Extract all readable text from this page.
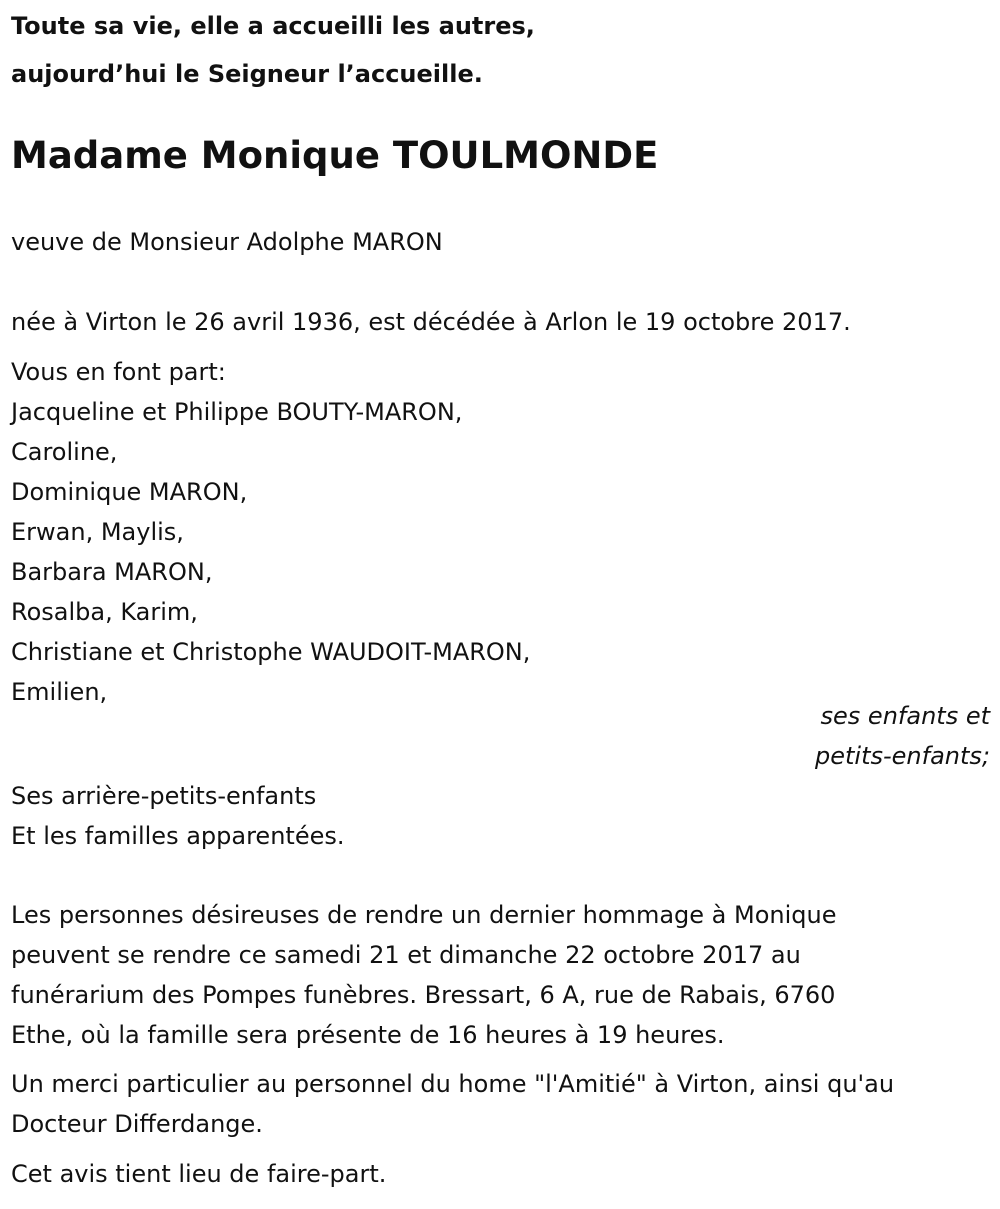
Toute sa vie, elle a accueilli les autres,
aujourd’hui le Seigneur l’accueille.
Madame Monique TOULMONDE
veuve de Monsieur Adolphe MARON
née à Virton le 26 avril 1936, est décédée à Arlon le 19 octobre 2017.
Vous en font part:
Jacqueline et Philippe BOUTY-MARON,
Caroline,
Dominique MARON,
Erwan, Maylis,
Barbara MARON,
Rosalba, Karim,
Christiane et Christophe WAUDOIT-MARON,
Emilien,
ses enfants et
petits-enfants;
Ses arrière-petits-enfants
Et les familles apparentées.
Les personnes désireuses de rendre un dernier hommage à Monique
peuvent se rendre ce samedi 21 et dimanche 22 octobre 2017 au
funérarium des Pompes funèbres. Bressart, 6 A, rue de Rabais, 6760
Ethe, où la famille sera présente de 16 heures à 19 heures.
Un merci particulier au personnel du home "l'Amitié" à Virton, ainsi qu'au
Docteur Differdange.
Cet avis tient lieu de faire-part.
